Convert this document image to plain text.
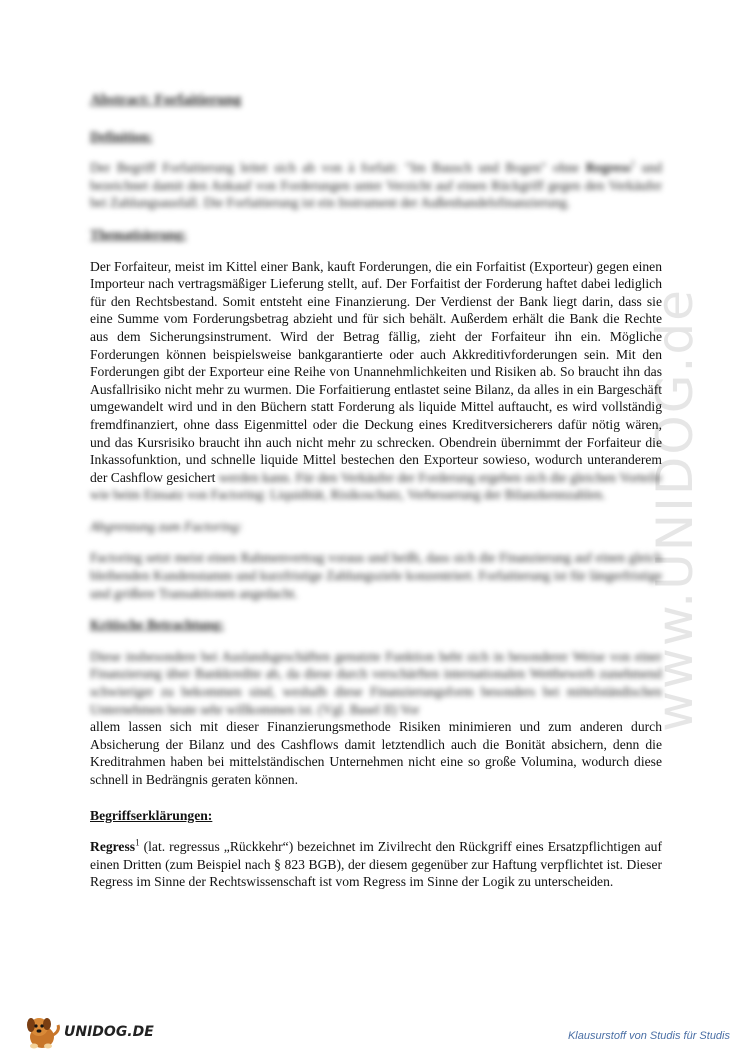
www.UNIDOG.de
Abstract: Forfaitierung
Definition:

Der Begriff Forfaitierung leitet sich ab von à forfait: "Im Bausch und Bogen" ohne Regress$^1$ und bezeichnet damit den Ankauf von Forderungen unter Verzicht auf einen Rückgriff gegen den Verkäufer bei Zahlungsausfall. Die Forfaitierung ist ein Instrument der Außenhandelsfinanzierung.

Thematisierung:

Der Forfaiteur, meist im Kittel einer Bank, kauft Forderungen, die ein Forfaitist (Exporteur) gegen einen Importeur nach vertragsmäßiger Lieferung stellt, auf. Der Forfaitist der Forderung haftet dabei lediglich für den Rechtsbestand. Somit entsteht eine Finanzierung. Der Verdienst der Bank liegt darin, dass sie eine Summe vom Forderungsbetrag abzieht und für sich behält. Außerdem erhält die Bank die Rechte aus dem Sicherungsinstrument. Wird der Betrag fällig, zieht der Forfaiteur ihn ein. Mögliche Forderungen können beispielsweise bankgarantierte oder auch Akkreditivforderungen sein. Mit den Forderungen gibt der Exporteur eine Reihe von Unannehmlichkeiten und Risiken ab. So braucht ihn das Ausfallrisiko nicht mehr zu wurmen. Die Forfaitierung entlastet seine Bilanz, da alles in ein Bargeschäft umgewandelt wird und in den Büchern statt Forderung als liquide Mittel auftaucht, es wird vollständig fremdfinanziert, ohne dass Eigenmittel oder die Deckung eines Kreditversicherers dafür nötig wären, und das Kursrisiko braucht ihn auch nicht mehr zu schrecken. Obendrein übernimmt der Forfaiteur die Inkassofunktion, und schnelle liquide Mittel bestechen den Exporteur sowieso, wodurch unteranderem der Cashflow gesichert werden kann. Für den Verkäufer der Forderung ergeben sich die gleichen Vorteile wie beim Einsatz von Factoring: Liquidität, Risikoschutz, Verbesserung der Bilanzkennzahlen.

Abgrenzung zum Factoring:

Factoring setzt meist einen Rahmenvertrag voraus und heißt, dass sich die Finanzierung auf einen gleich bleibenden Kundenstamm und kurzfristige Zahlungsziele konzentriert. Forfaitierung ist für längerfristige und größere Transaktionen angedacht.

Kritische Betrachtung:

Diese insbesondere bei Auslandsgeschäften genutzte Funktion hebt sich in besonderer Weise von einer Finanzierung über Bankkredite ab, da diese durch verschärften internationalen Wettbewerb zunehmend schwieriger zu bekommen sind, weshalb diese Finanzierungsform besonders bei mittelständischen Unternehmen heute sehr willkommen ist. (Vgl. Basel II) Vor

allem lassen sich mit dieser Finanzierungsmethode Risiken minimieren und zum anderen durch Absicherung der Bilanz und des Cashflows damit letztendlich auch die Bonität absichern, denn die Kreditrahmen haben bei mittelständischen Unternehmen nicht eine so große Volumina, wodurch diese schnell in Bedrängnis geraten können.

Begriffserklärungen:

Regress$^1$ (lat. regressus „Rückkehr“) bezeichnet im Zivilrecht den Rückgriff eines Ersatzpflichtigen auf einen Dritten (zum Beispiel nach § 823 BGB), der diesem gegenüber zur Haftung verpflichtet ist. Dieser Regress im Sinne der Rechtswissenschaft ist vom Regress im Sinne der Logik zu unterscheiden.

UNIDOG.DE	Klausurstoff von Studis für Studis
